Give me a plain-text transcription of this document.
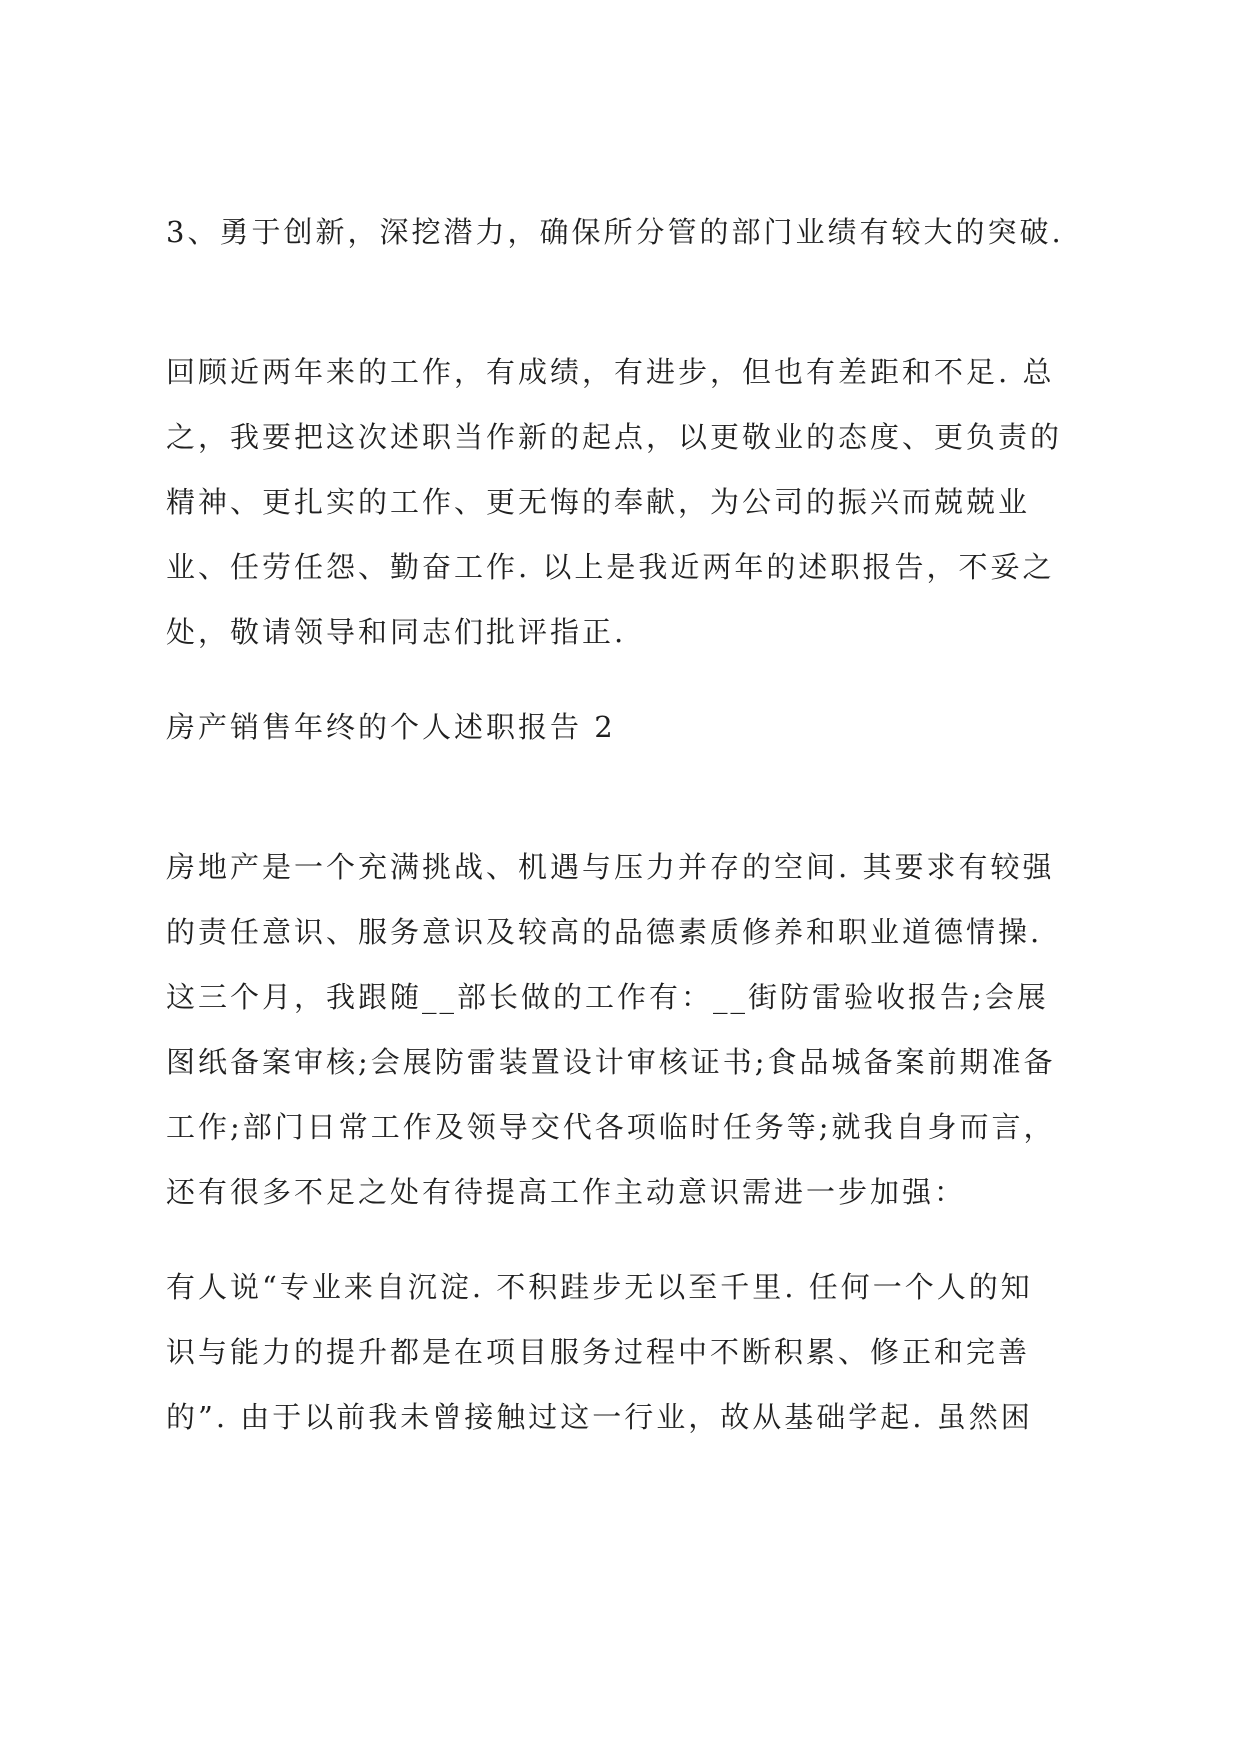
3、勇于创新，深挖潜力，确保所分管的部门业绩有较大的突破.

回顾近两年来的工作，有成绩，有进步，但也有差距和不足. 总
之，我要把这次述职当作新的起点，以更敬业的态度、更负责的
精神、更扎实的工作、更无悔的奉献，为公司的振兴而兢兢业
业、任劳任怨、勤奋工作. 以上是我近两年的述职报告，不妥之
处，敬请领导和同志们批评指正.

房产销售年终的个人述职报告 2

房地产是一个充满挑战、机遇与压力并存的空间. 其要求有较强
的责任意识、服务意识及较高的品德素质修养和职业道德情操.
这三个月，我跟随__部长做的工作有：__街防雷验收报告;会展
图纸备案审核;会展防雷装置设计审核证书;食品城备案前期准备
工作;部门日常工作及领导交代各项临时任务等;就我自身而言，
还有很多不足之处有待提高工作主动意识需进一步加强：

有人说“专业来自沉淀. 不积跬步无以至千里. 任何一个人的知
识与能力的提升都是在项目服务过程中不断积累、修正和完善
的”. 由于以前我未曾接触过这一行业，故从基础学起. 虽然困
